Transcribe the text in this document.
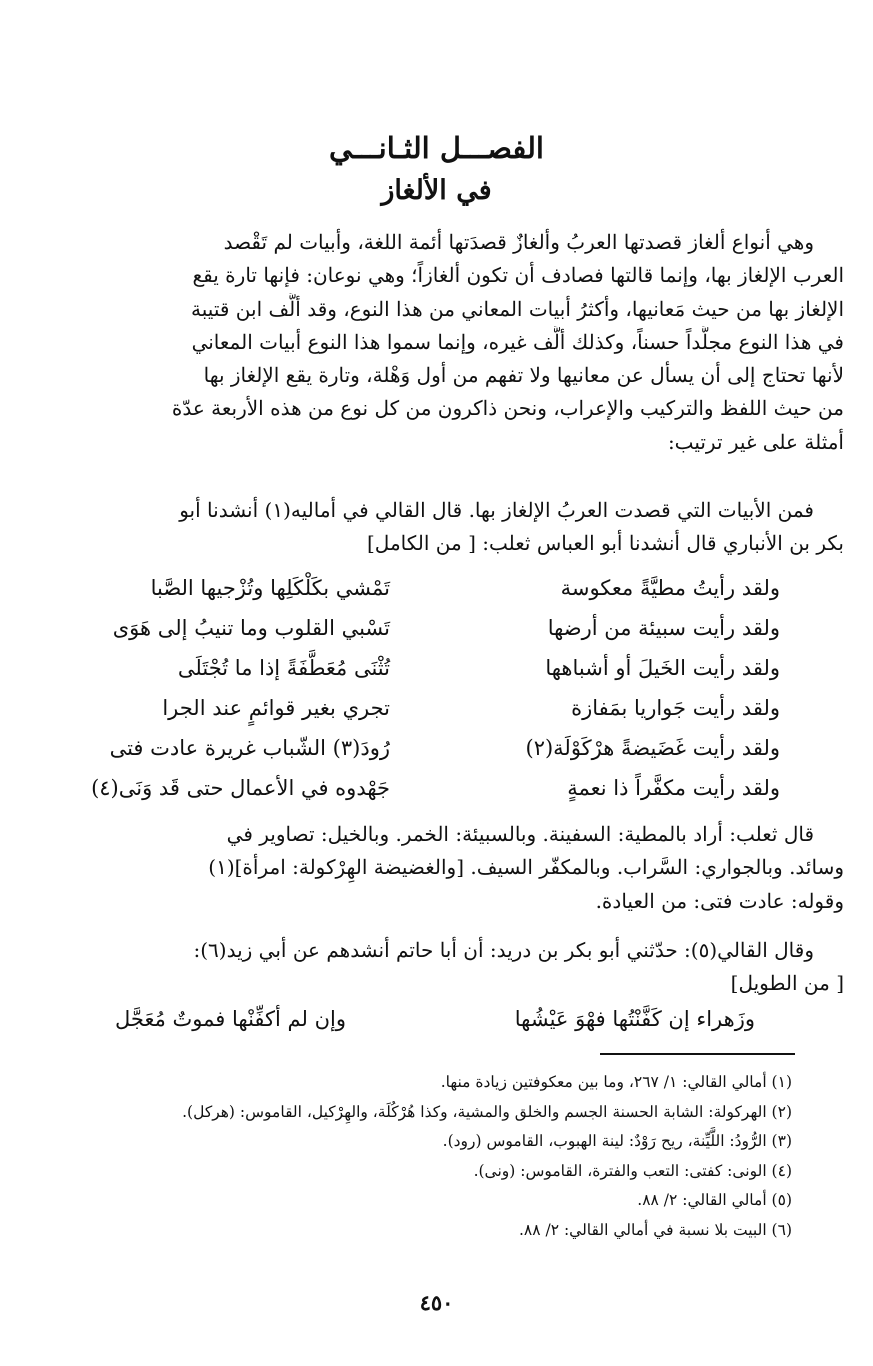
الفصـــل الثـانـــي
في الألغاز

وهي أنواع ألغاز قصدتها العربُ وألغازٌ قصدَتها أئمة اللغة، وأبيات لم تَقْصد
العرب الإلغاز بها، وإنما قالتها فصادف أن تكون ألغازاً؛ وهي نوعان: فإنها تارة يقع
الإلغاز بها من حيث مَعانيها، وأكثرُ أبيات المعاني من هذا النوع، وقد ألَّف ابن قتيبة
في هذا النوع مجلَّداً حسناً، وكذلك ألَّف غيره، وإنما سموا هذا النوع أبيات المعاني
لأنها تحتاج إلى أن يسأل عن معانيها ولا تفهم من أول وَهْلة، وتارة يقع الإلغاز بها
من حيث اللفظ والتركيب والإعراب، ونحن ذاكرون من كل نوع من هذه الأربعة عدّة
أمثلة على غير ترتيب:

فمن الأبيات التي قصدت العربُ الإلغاز بها. قال القالي في أماليه(١) أنشدنا أبو
بكر بن الأنباري قال أنشدنا أبو العباس ثعلب: [ من الكامل]

ولقد رأيتُ مطيَّةً معكوسة
تَمْشي بكَلْكَلِها وتُزْجيها الصَّبا
ولقد رأيت سبيئة من أرضها
تَسْبي القلوب وما تنيبُ إلى هَوَى
ولقد رأيت الخَيلَ أو أشباهها
تُثْنَى مُعَطَّفَةً إذا ما تُجْتَلَى
ولقد رأيت جَواريا بمَفازة
تجري بغير قوائمٍ عند الجرا
ولقد رأيت غَضَيضةً هرْكَوْلَة(٢)
رُودَ(٣) الشّباب غريرة عادت فتى
ولقد رأيت مكفَّراً ذا نعمةٍ
جَهْدوه في الأعمال حتى قَد وَنَى(٤)

قال ثعلب: أراد بالمطية: السفينة. وبالسبيئة: الخمر. وبالخيل: تصاوير في
وسائد. وبالجواري: السَّراب. وبالمكفّر السيف. [والغضيضة الهِرْكولة: امرأة](١)
وقوله: عادت فتى: من العيادة.

وقال القالي(٥): حدّثني أبو بكر بن دريد: أن أبا حاتم أنشدهم عن أبي زيد(٦):
[ من الطويل]

وزَهراء إن كَفَّنْتُها فهْوَ عَيْشُها
وإن لم أكفِّنْها فموتٌ مُعَجَّل
(١) أمالي القالي: ١/ ٢٦٧، وما بين معكوفتين زيادة منها.
(٢) الهركولة: الشابة الحسنة الجسم والخلق والمشية، وكذا هُرْكُلَة، والهِرْكيل، القاموس: (هركل).
(٣) الرُّودُ: اللَّيِّنة، ريح رَوْدٌ: لينة الهبوب، القاموس (رود).
(٤) الونى: كفتى: التعب والفترة، القاموس: (ونى).
(٥) أمالي القالي: ٢/ ٨٨.
(٦) البيت بلا نسبة في أمالي القالي: ٢/ ٨٨.
٤٥٠
